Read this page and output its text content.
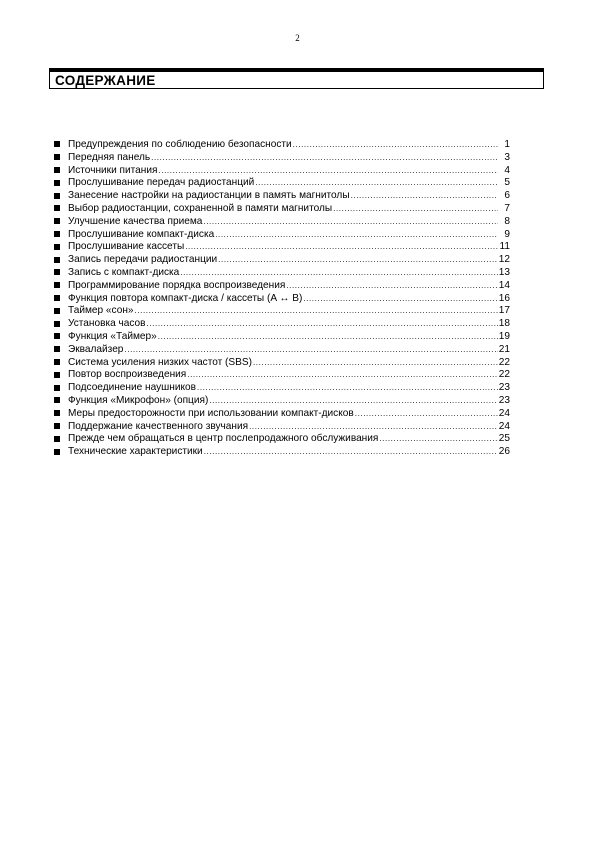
2
СОДЕРЖАНИЕ
Предупреждения по соблюдению безопасности .....	1
Передняя панель .....	3
Источники питания .....	4
Прослушивание передач радиостанций .....	5
Занесение настройки на радиостанции в память магнитолы .....	6
Выбор радиостанции, сохраненной в памяти магнитолы .....	7
Улучшение качества приема .....	8
Прослушивание компакт-диска .....	9
Прослушивание кассеты .....	11
Запись передачи радиостанции .....	12
Запись с компакт-диска .....	13
Программирование порядка воспроизведения .....	14
Функция повтора компакт-диска / кассеты (A ↔ B) .....	16
Таймер «сон» .....	17
Установка часов .....	18
Функция «Таймер» .....	19
Эквалайзер .....	21
Система усиления низких частот (SBS) .....	22
Повтор воспроизведения .....	22
Подсоединение наушников .....	23
Функция «Микрофон» (опция) .....	23
Меры предосторожности при использовании компакт-дисков .....	24
Поддержание качественного звучания .....	24
Прежде чем обращаться в центр послепродажного обслуживания .....	25
Технические характеристики .....	26
